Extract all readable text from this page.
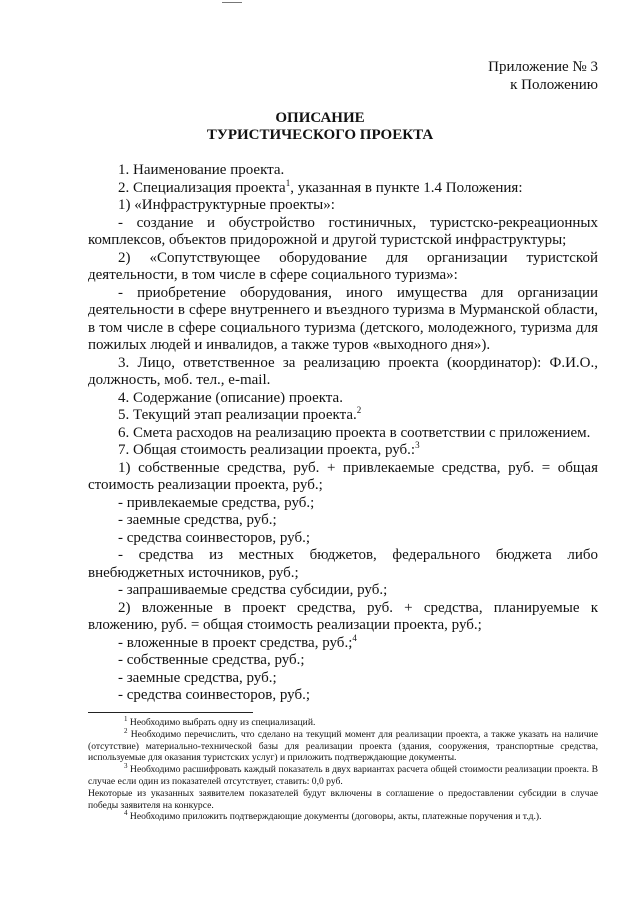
Приложение № 3
к Положению
ОПИСАНИЕ
ТУРИСТИЧЕСКОГО ПРОЕКТА

1. Наименование проекта.

2. Специализация проекта$^1$, указанная в пункте 1.4 Положения:

1) «Инфраструктурные проекты»:

- создание и обустройство гостиничных, туристско-рекреационных комплексов, объектов придорожной и другой туристской инфраструктуры;

2) «Сопутствующее оборудование для организации туристской деятельности, в том числе в сфере социального туризма»:

- приобретение оборудования, иного имущества для организации деятельности в сфере внутреннего и въездного туризма в Мурманской области, в том числе в сфере социального туризма (детского, молодежного, туризма для пожилых людей и инвалидов, а также туров «выходного дня»).

3. Лицо, ответственное за реализацию проекта (координатор): Ф.И.О., должность, моб. тел., e-mail.

4. Содержание (описание) проекта.

5. Текущий этап реализации проекта.$^2$

6. Смета расходов на реализацию проекта в соответствии с приложением.

7. Общая стоимость реализации проекта, руб.:$^3$

1) собственные средства, руб. + привлекаемые средства, руб. = общая стоимость реализации проекта, руб.;

- привлекаемые средства, руб.;

- заемные средства, руб.;

- средства соинвесторов, руб.;

- средства из местных бюджетов, федерального бюджета либо внебюджетных источников, руб.;

- запрашиваемые средства субсидии, руб.;

2) вложенные в проект средства, руб. + средства, планируемые к вложению, руб. = общая стоимость реализации проекта, руб.;

- вложенные в проект средства, руб.;$^4$

- собственные средства, руб.;

- заемные средства, руб.;

- средства соинвесторов, руб.;

$^1$ Необходимо выбрать одну из специализаций.

$^2$ Необходимо перечислить, что сделано на текущий момент для реализации проекта, а также указать на наличие (отсутствие) материально-технической базы для реализации проекта (здания, сооружения, транспортные средства, используемые для оказания туристских услуг) и приложить подтверждающие документы.

$^3$ Необходимо расшифровать каждый показатель в двух вариантах расчета общей стоимости реализации проекта. В случае если один из показателей отсутствует, ставить: 0,0 руб.

Некоторые из указанных заявителем показателей будут включены в соглашение о предоставлении субсидии в случае победы заявителя на конкурсе.

$^4$ Необходимо приложить подтверждающие документы (договоры, акты, платежные поручения и т.д.).
